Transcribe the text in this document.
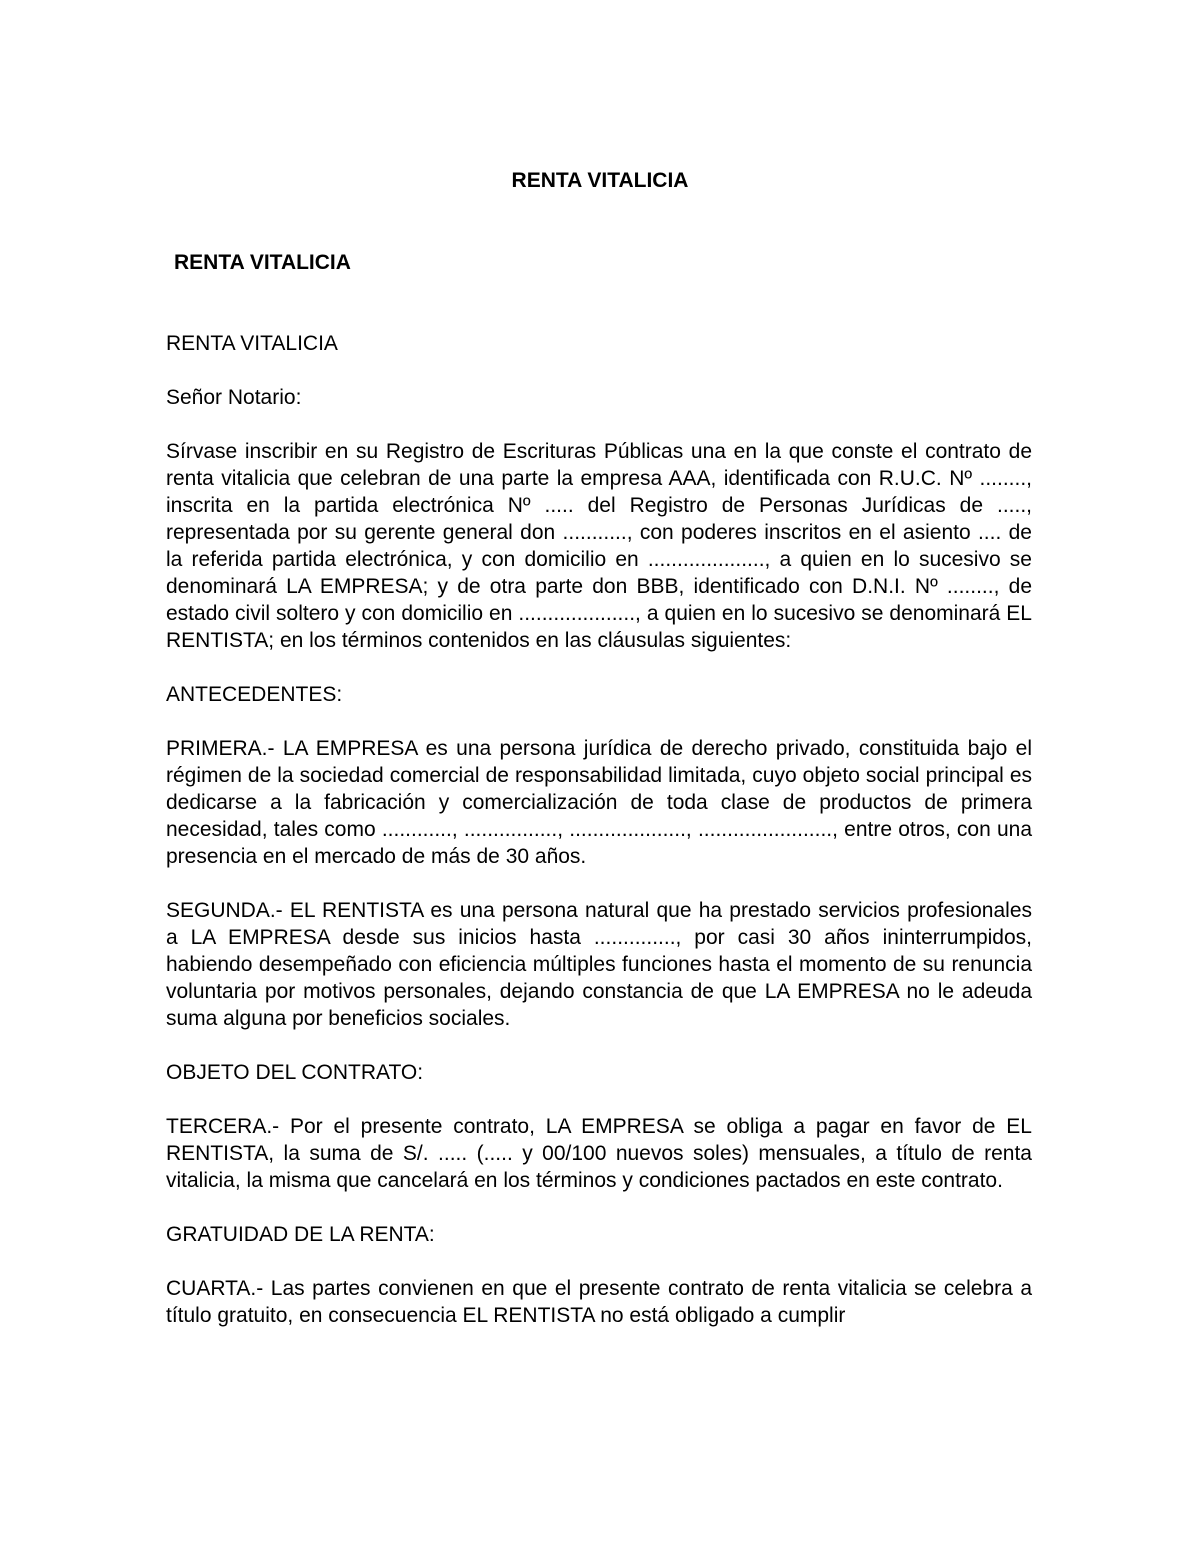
RENTA VITALICIA
RENTA VITALICIA

RENTA VITALICIA

Señor Notario:

Sírvase inscribir en su Registro de Escrituras Públicas una en la que conste el contrato de renta vitalicia que celebran de una parte la empresa AAA, identificada con R.U.C. Nº ........, inscrita en la partida electrónica Nº ..... del Registro de Personas Jurídicas de ....., representada por su gerente general don ..........., con poderes inscritos en el asiento .... de la referida partida electrónica, y con domicilio en ...................., a quien en lo sucesivo se denominará LA EMPRESA; y de otra parte don BBB, identificado con D.N.I. Nº ........, de estado civil soltero y con domicilio en ...................., a quien en lo sucesivo se denominará EL RENTISTA; en los términos contenidos en las cláusulas siguientes:

ANTECEDENTES:

PRIMERA.- LA EMPRESA es una persona jurídica de derecho privado, constituida bajo el régimen de la sociedad comercial de responsabilidad limitada, cuyo objeto social principal es dedicarse a la fabricación y comercialización de toda clase de productos de primera necesidad, tales como ............, ................, ...................., ......................., entre otros, con una presencia en el mercado de más de 30 años.

SEGUNDA.- EL RENTISTA es una persona natural que ha prestado servicios profesionales a LA EMPRESA desde sus inicios hasta .............., por casi 30 años ininterrumpidos, habiendo desempeñado con eficiencia múltiples funciones hasta el momento de su renuncia voluntaria por motivos personales, dejando constancia de que LA EMPRESA no le adeuda suma alguna por beneficios sociales.

OBJETO DEL CONTRATO:

TERCERA.- Por el presente contrato, LA EMPRESA se obliga a pagar en favor de EL RENTISTA, la suma de S/. ..... (..... y 00/100 nuevos soles) mensuales, a título de renta vitalicia, la misma que cancelará en los términos y condiciones pactados en este contrato.

GRATUIDAD DE LA RENTA:

CUARTA.- Las partes convienen en que el presente contrato de renta vitalicia se celebra a título gratuito, en consecuencia EL RENTISTA no está obligado a cumplir
